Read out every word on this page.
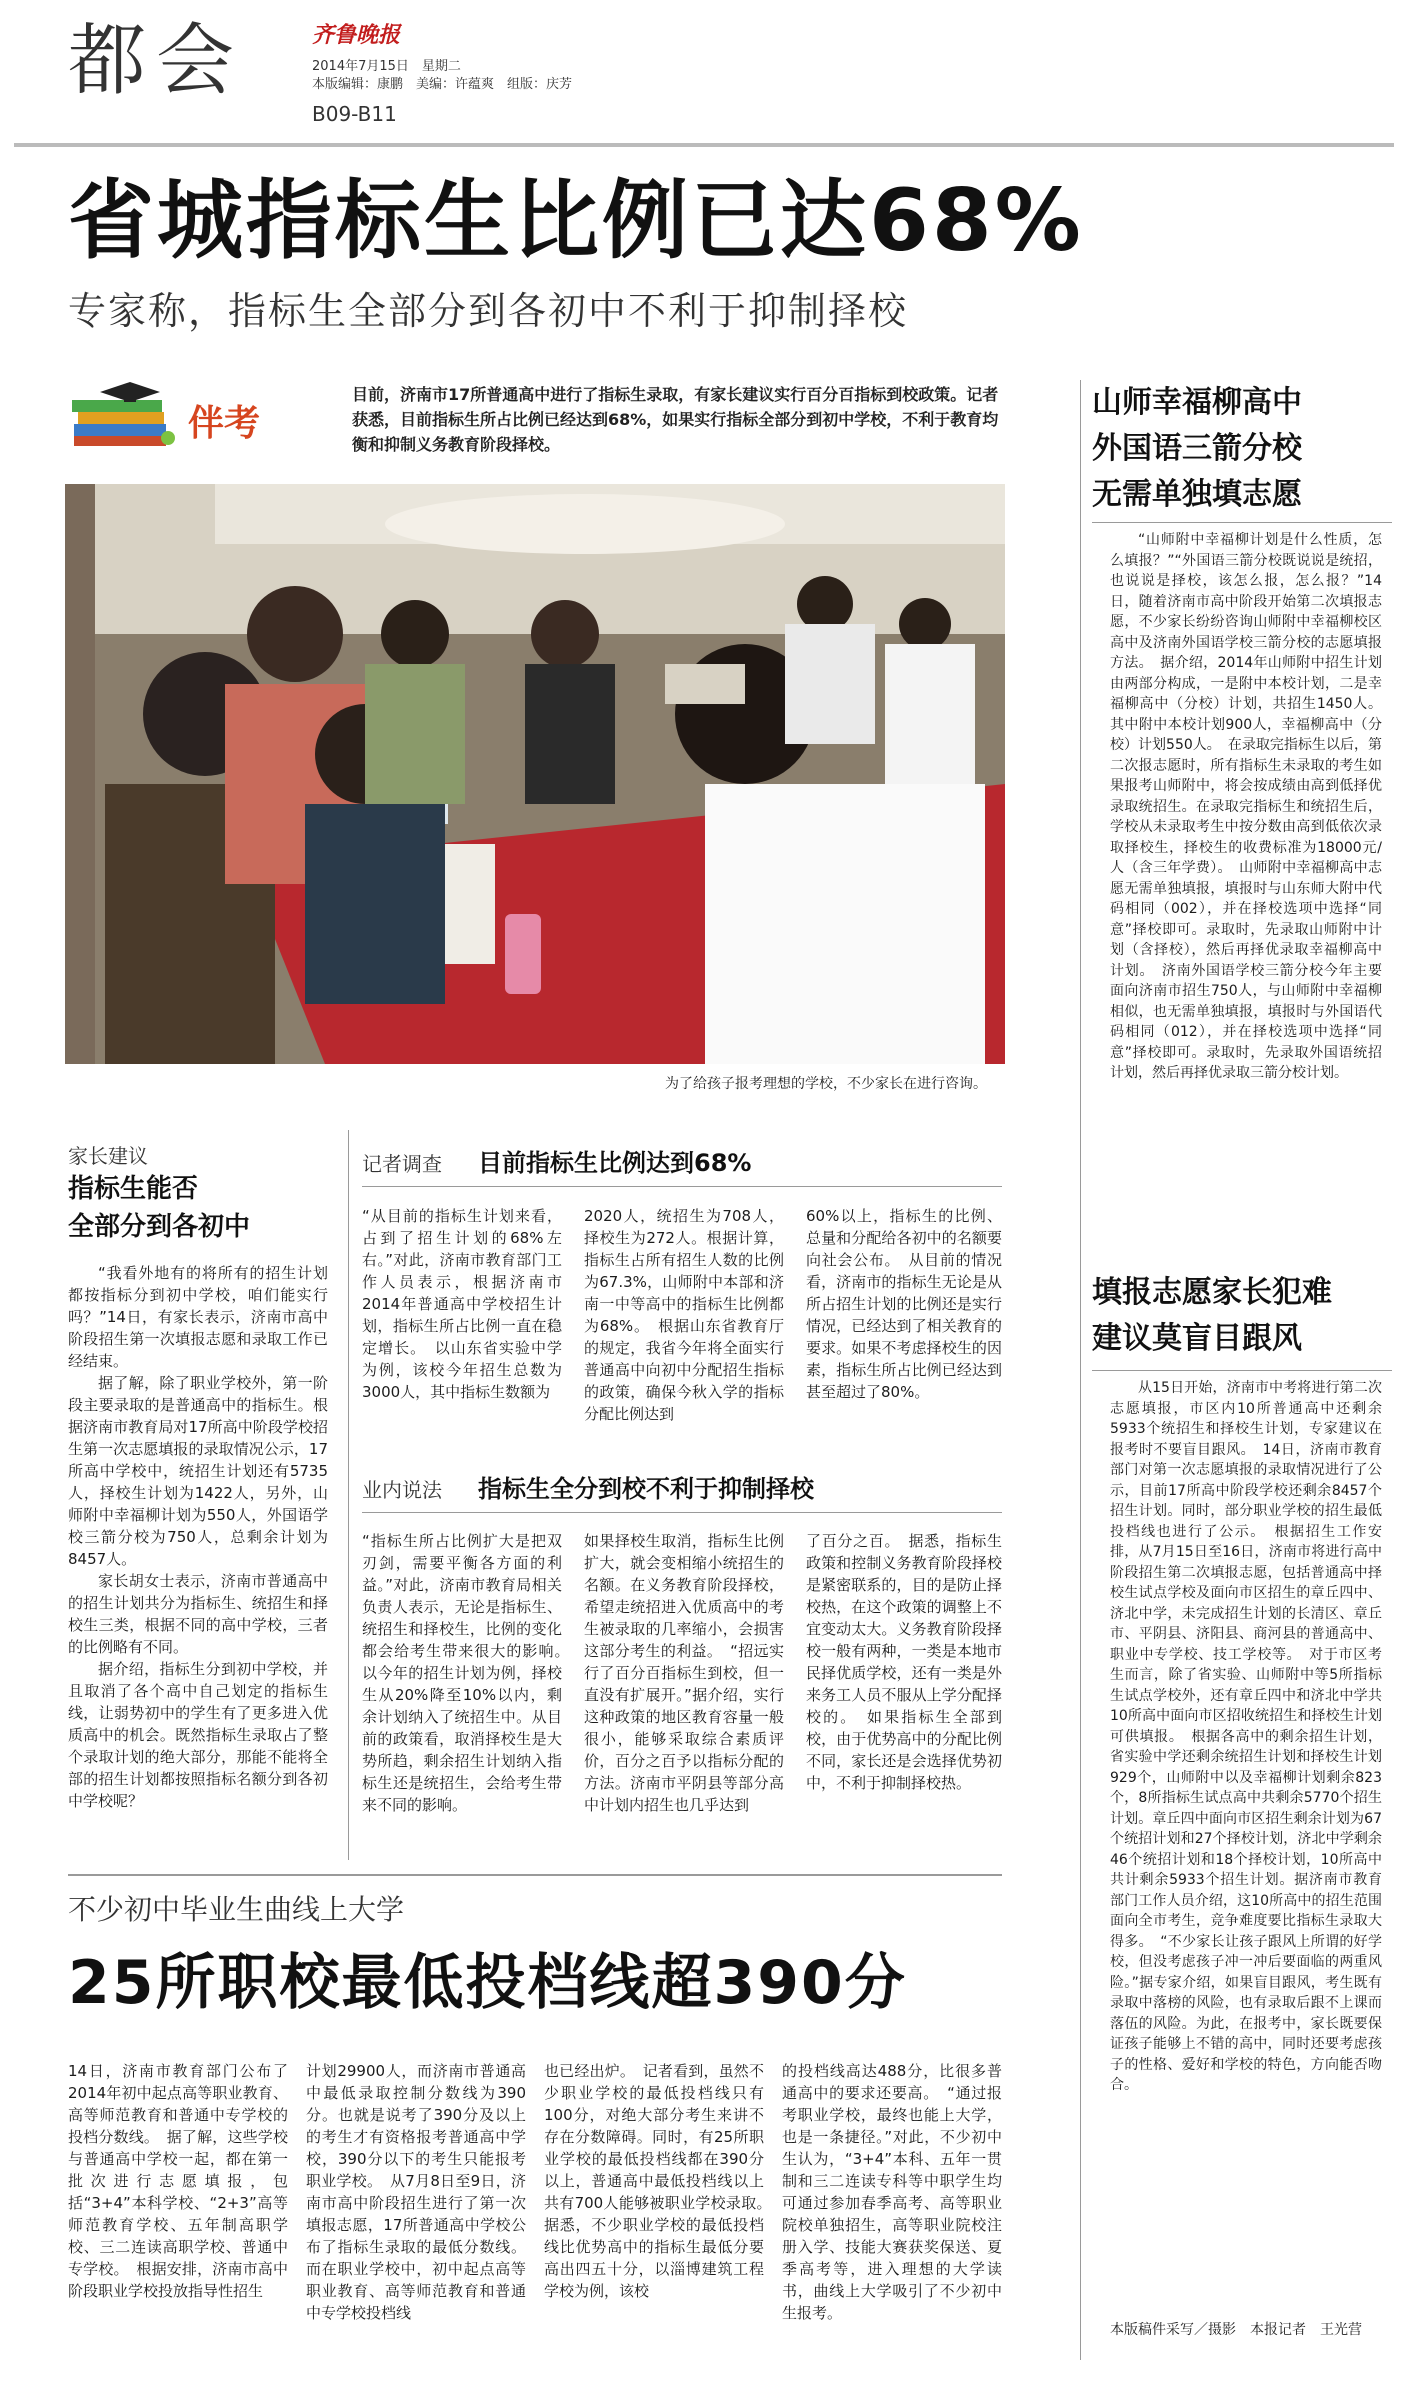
都会	齐鲁晚报
2014年7月15日　星期二
本版编辑：康鹏　美编：许蕴爽　组版：庆芳
B09-B11
省城指标生比例已达68%
专家称，指标生全部分到各初中不利于抑制择校
伴考
目前，济南市17所普通高中进行了指标生录取，有家长建议实行百分百指标到校政策。记者获悉，目前指标生所占比例已经达到68%，如果实行指标全部分到初中学校，不利于教育均衡和抑制义务教育阶段择校。
为了给孩子报考理想的学校，不少家长在进行咨询。
家长建议
指标生能否
全部分到各初中

“我看外地有的将所有的招生计划都按指标分到初中学校，咱们能实行吗？”14日，有家长表示，济南市高中阶段招生第一次填报志愿和录取工作已经结束。

据了解，除了职业学校外，第一阶段主要录取的是普通高中的指标生。根据济南市教育局对17所高中阶段学校招生第一次志愿填报的录取情况公示，17所高中学校中，统招生计划还有5735人，择校生计划为1422人，另外，山师附中幸福柳计划为550人，外国语学校三箭分校为750人，总剩余计划为8457人。

家长胡女士表示，济南市普通高中的招生计划共分为指标生、统招生和择校生三类，根据不同的高中学校，三者的比例略有不同。

据介绍，指标生分到初中学校，并且取消了各个高中自己划定的指标生线，让弱势初中的学生有了更多进入优质高中的机会。既然指标生录取占了整个录取计划的绝大部分，那能不能将全部的招生计划都按照指标名额分到各初中学校呢？

记者调查 目前指标生比例达到68%
“从目前的指标生计划来看，占到了招生计划的68%左右。”对此，济南市教育部门工作人员表示，根据济南市2014年普通高中学校招生计划，指标生所占比例一直在稳定增长。　以山东省实验中学为例，该校今年招生总数为3000人，其中指标生数额为
2020人，统招生为708人，择校生为272人。根据计算，指标生占所有招生人数的比例为67.3%，山师附中本部和济南一中等高中的指标生比例都为68%。　根据山东省教育厅的规定，我省今年将全面实行普通高中向初中分配招生指标的政策，确保今秋入学的指标分配比例达到
60%以上，指标生的比例、总量和分配给各初中的名额要向社会公布。　从目前的情况看，济南市的指标生无论是从所占招生计划的比例还是实行情况，已经达到了相关教育的要求。如果不考虑择校生的因素，指标生所占比例已经达到甚至超过了80%。
业内说法 指标生全分到校不利于抑制择校
“指标生所占比例扩大是把双刃剑，需要平衡各方面的利益。”对此，济南市教育局相关负责人表示，无论是指标生、统招生和择校生，比例的变化都会给考生带来很大的影响。　以今年的招生计划为例，择校生从20%降至10%以内，剩余计划纳入了统招生中。从目前的政策看，取消择校生是大势所趋，剩余招生计划纳入指标生还是统招生，会给考生带来不同的影响。
如果择校生取消，指标生比例扩大，就会变相缩小统招生的名额。在义务教育阶段择校，希望走统招进入优质高中的考生被录取的几率缩小，会损害这部分考生的利益。　“招远实行了百分百指标生到校，但一直没有扩展开。”据介绍，实行这种政策的地区教育容量一般很小，能够采取综合素质评价，百分之百予以指标分配的方法。济南市平阴县等部分高中计划内招生也几乎达到
了百分之百。　据悉，指标生政策和控制义务教育阶段择校是紧密联系的，目的是防止择校热，在这个政策的调整上不宜变动太大。义务教育阶段择校一般有两种，一类是本地市民择优质学校，还有一类是外来务工人员不服从上学分配择校的。　如果指标生全部到校，由于优势高中的分配比例不同，家长还是会选择优势初中，不利于抑制择校热。
不少初中毕业生曲线上大学
25所职校最低投档线超390分
14日，济南市教育部门公布了2014年初中起点高等职业教育、高等师范教育和普通中专学校的投档分数线。　据了解，这些学校与普通高中学校一起，都在第一批次进行志愿填报，包括“3+4”本科学校、“2+3”高等师范教育学校、五年制高职学校、三二连读高职学校、普通中专学校。　根据安排，济南市高中阶段职业学校投放指导性招生
计划29900人，而济南市普通高中最低录取控制分数线为390分。也就是说考了390分及以上的考生才有资格报考普通高中学校，390分以下的考生只能报考职业学校。　从7月8日至9日，济南市高中阶段招生进行了第一次填报志愿，17所普通高中学校公布了指标生录取的最低分数线。而在职业学校中，初中起点高等职业教育、高等师范教育和普通中专学校投档线
也已经出炉。　记者看到，虽然不少职业学校的最低投档线只有100分，对绝大部分考生来讲不存在分数障碍。同时，有25所职业学校的最低投档线都在390分以上，普通高中最低投档线以上共有700人能够被职业学校录取。　据悉，不少职业学校的最低投档线比优势高中的指标生最低分要高出四五十分，以淄博建筑工程学校为例，该校
的投档线高达488分，比很多普通高中的要求还要高。　“通过报考职业学校，最终也能上大学，也是一条捷径。”对此，不少初中生认为，“3+4”本科、五年一贯制和三二连读专科等中职学生均可通过参加春季高考、高等职业院校单独招生，高等职业院校注册入学、技能大赛获奖保送、夏季高考等，进入理想的大学读书，曲线上大学吸引了不少初中生报考。
山师幸福柳高中
外国语三箭分校
无需单独填志愿
“山师附中幸福柳计划是什么性质，怎么填报？”“外国语三箭分校既说说是统招，也说说是择校，该怎么报，怎么报？”14日，随着济南市高中阶段开始第二次填报志愿，不少家长纷纷咨询山师附中幸福柳校区高中及济南外国语学校三箭分校的志愿填报方法。　据介绍，2014年山师附中招生计划由两部分构成，一是附中本校计划，二是幸福柳高中（分校）计划，共招生1450人。其中附中本校计划900人，幸福柳高中（分校）计划550人。　在录取完指标生以后，第二次报志愿时，所有指标生未录取的考生如果报考山师附中，将会按成绩由高到低择优录取统招生。在录取完指标生和统招生后，学校从未录取考生中按分数由高到低依次录取择校生，择校生的收费标准为18000元/人（含三年学费）。　山师附中幸福柳高中志愿无需单独填报，填报时与山东师大附中代码相同（002），并在择校选项中选择“同意”择校即可。录取时，先录取山师附中计划（含择校），然后再择优录取幸福柳高中计划。　济南外国语学校三箭分校今年主要面向济南市招生750人，与山师附中幸福柳相似，也无需单独填报，填报时与外国语代码相同（012），并在择校选项中选择“同意”择校即可。录取时，先录取外国语统招计划，然后再择优录取三箭分校计划。
填报志愿家长犯难
建议莫盲目跟风
从15日开始，济南市中考将进行第二次志愿填报，市区内10所普通高中还剩余5933个统招生和择校生计划，专家建议在报考时不要盲目跟风。　14日，济南市教育部门对第一次志愿填报的录取情况进行了公示，目前17所高中阶段学校还剩余8457个招生计划。同时，部分职业学校的招生最低投档线也进行了公示。　根据招生工作安排，从7月15日至16日，济南市将进行高中阶段招生第二次填报志愿，包括普通高中择校生试点学校及面向市区招生的章丘四中、济北中学，未完成招生计划的长清区、章丘市、平阴县、济阳县、商河县的普通高中、职业中专学校、技工学校等。　对于市区考生而言，除了省实验、山师附中等5所指标生试点学校外，还有章丘四中和济北中学共10所高中面向市区招收统招生和择校生计划可供填报。　根据各高中的剩余招生计划，省实验中学还剩余统招生计划和择校生计划929个，山师附中以及幸福柳计划剩余823个，8所指标生试点高中共剩余5770个招生计划。章丘四中面向市区招生剩余计划为67个统招计划和27个择校计划，济北中学剩余46个统招计划和18个择校计划，10所高中共计剩余5933个招生计划。据济南市教育部门工作人员介绍，这10所高中的招生范围面向全市考生，竞争难度要比指标生录取大得多。　“不少家长让孩子跟风上所谓的好学校，但没考虑孩子冲一冲后要面临的两重风险。”据专家介绍，如果盲目跟风，考生既有录取中落榜的风险，也有录取后跟不上课而落伍的风险。为此，在报考中，家长既要保证孩子能够上不错的高中，同时还要考虑孩子的性格、爱好和学校的特色，方向能否吻合。
本版稿件采写／摄影　本报记者　王光营
